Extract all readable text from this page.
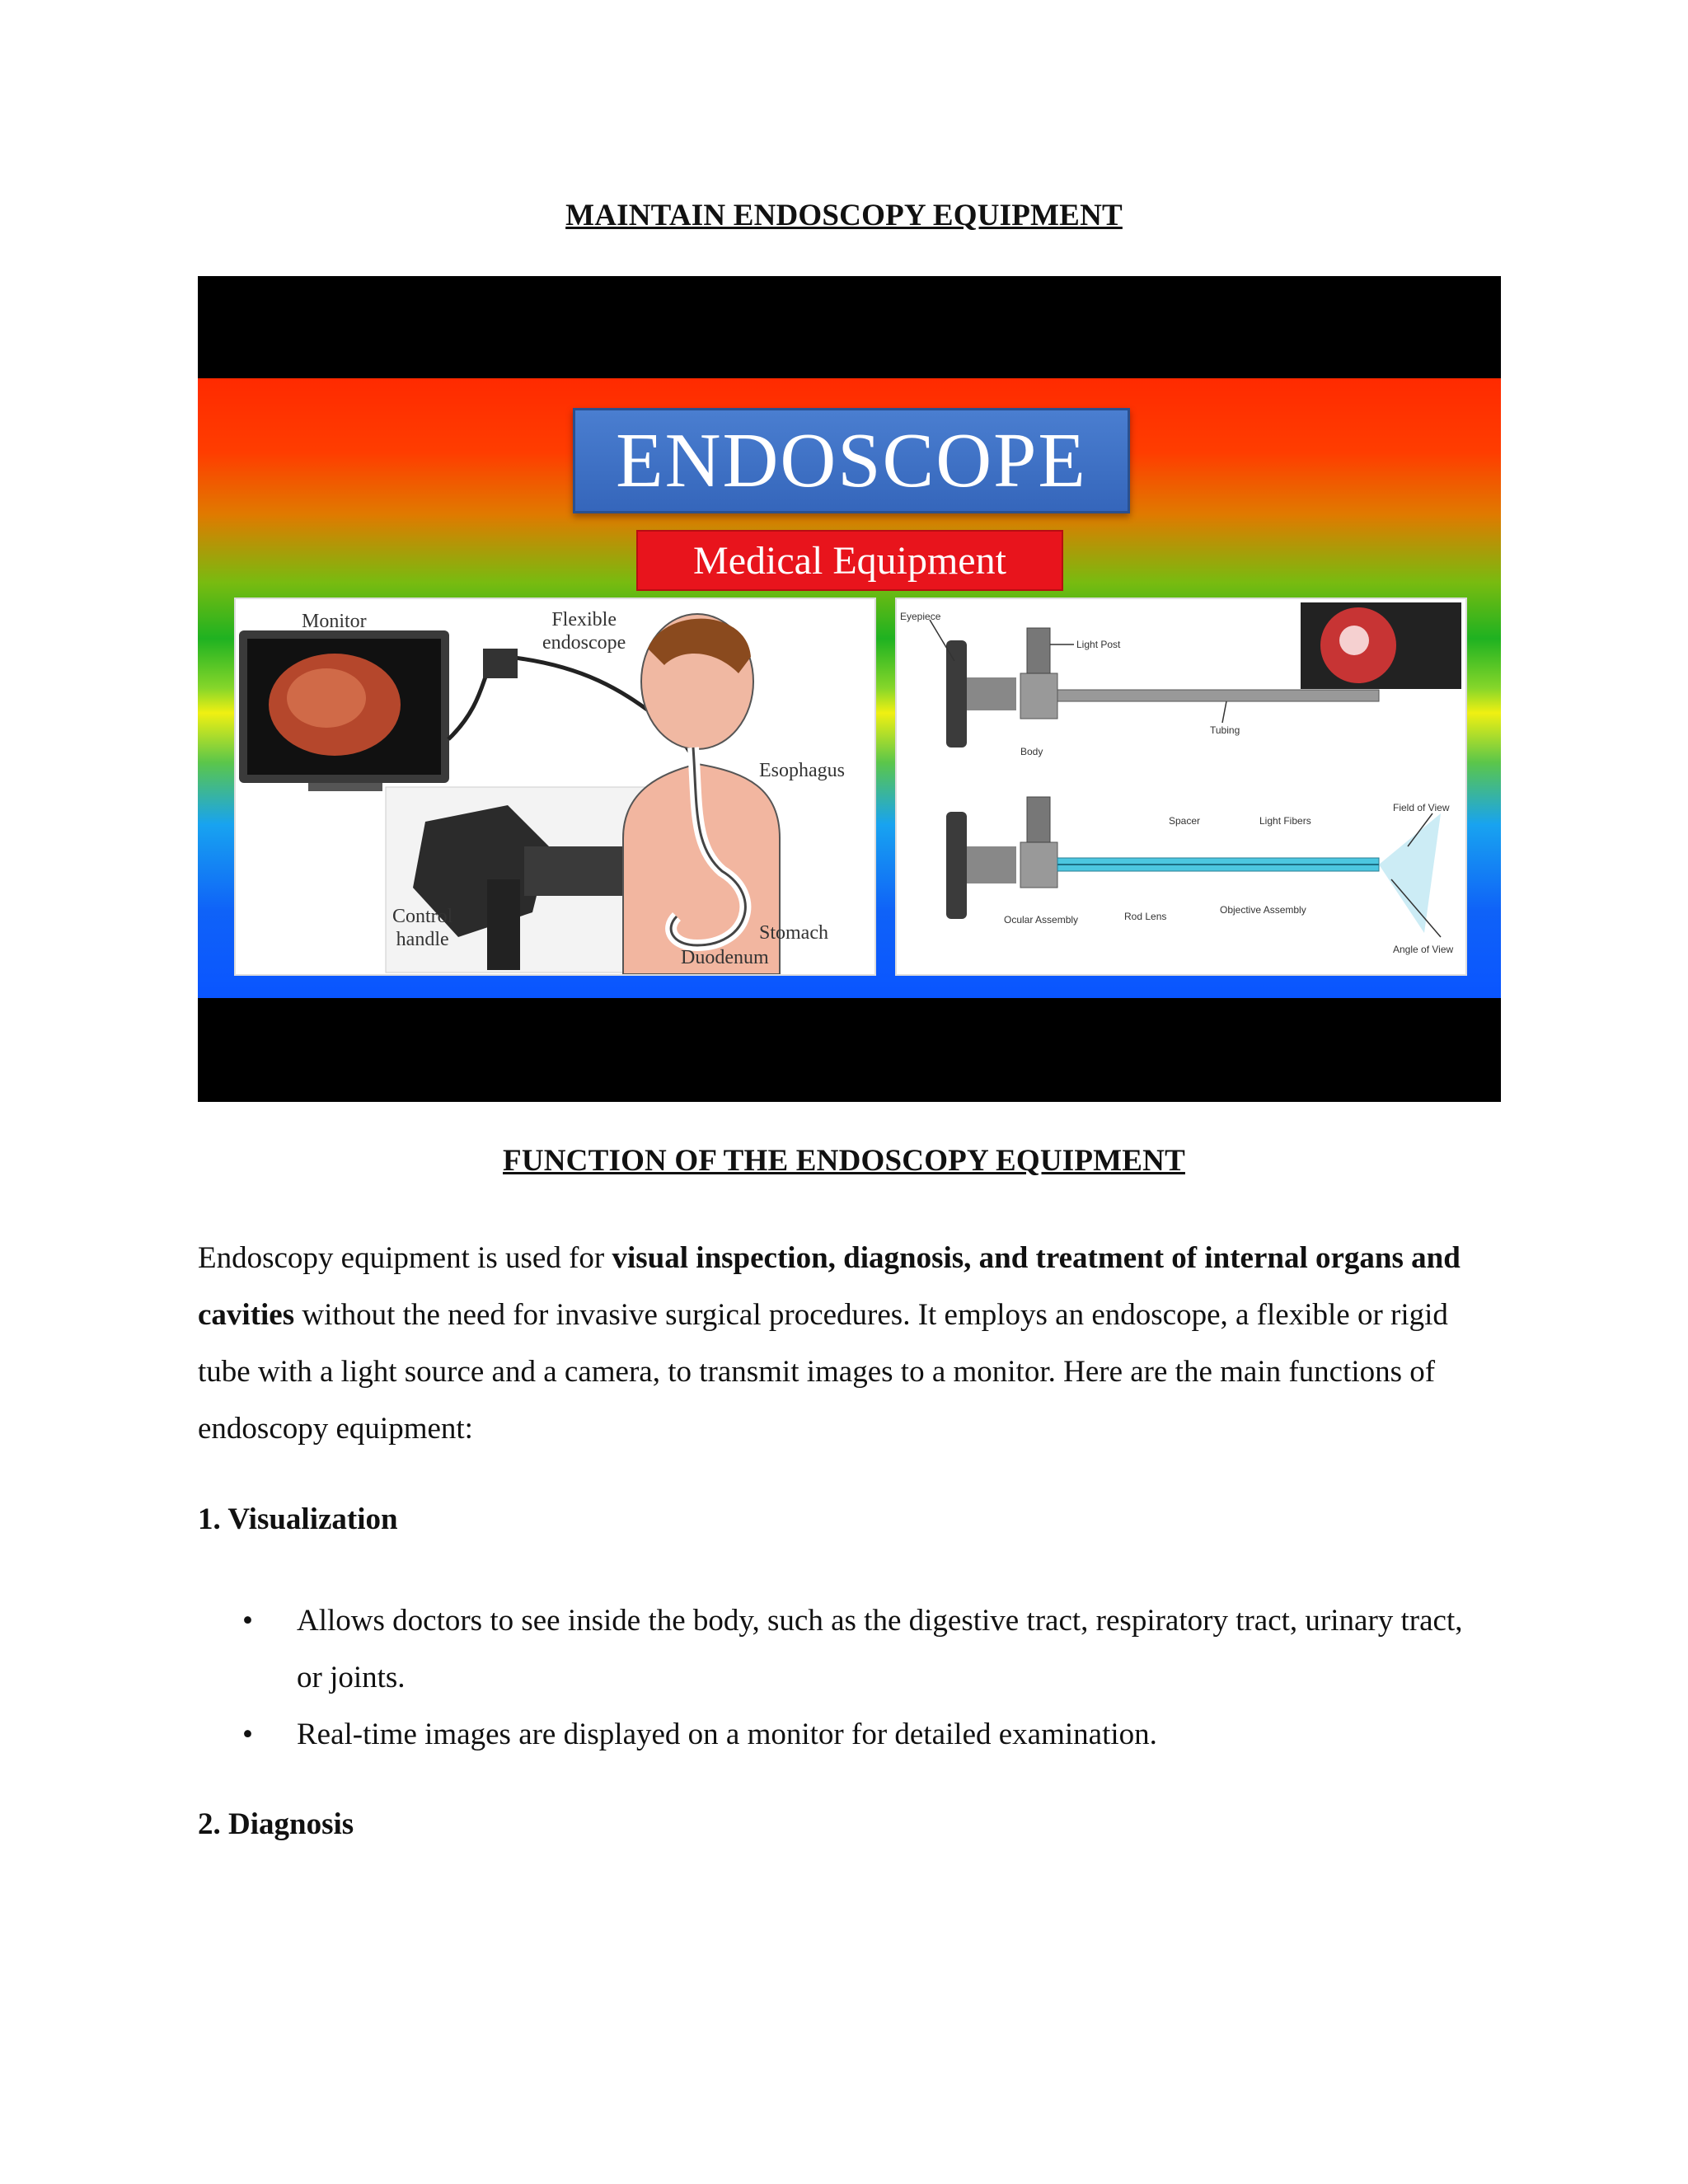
MAINTAIN ENDOSCOPY EQUIPMENT
ENDOSCOPE
Medical Equipment
Monitor	Flexible
endoscope
Esophagus
Control
handle	Stomach
Duodenum
Eyepiece
Light Post
Body
Tubing
Spacer	Light Fibers
Field of View
Ocular Assembly	Rod Lens
Objective Assembly
Angle of View
FUNCTION OF THE ENDOSCOPY EQUIPMENT
Endoscopy equipment is used for visual inspection, diagnosis, and treatment of internal organs and cavities without the need for invasive surgical procedures. It employs an endoscope, a flexible or rigid tube with a light source and a camera, to transmit images to a monitor. Here are the main functions of endoscopy equipment:
1. Visualization
• Allows doctors to see inside the body, such as the digestive tract, respiratory tract, urinary tract, or joints.
• Real-time images are displayed on a monitor for detailed examination.
2. Diagnosis
